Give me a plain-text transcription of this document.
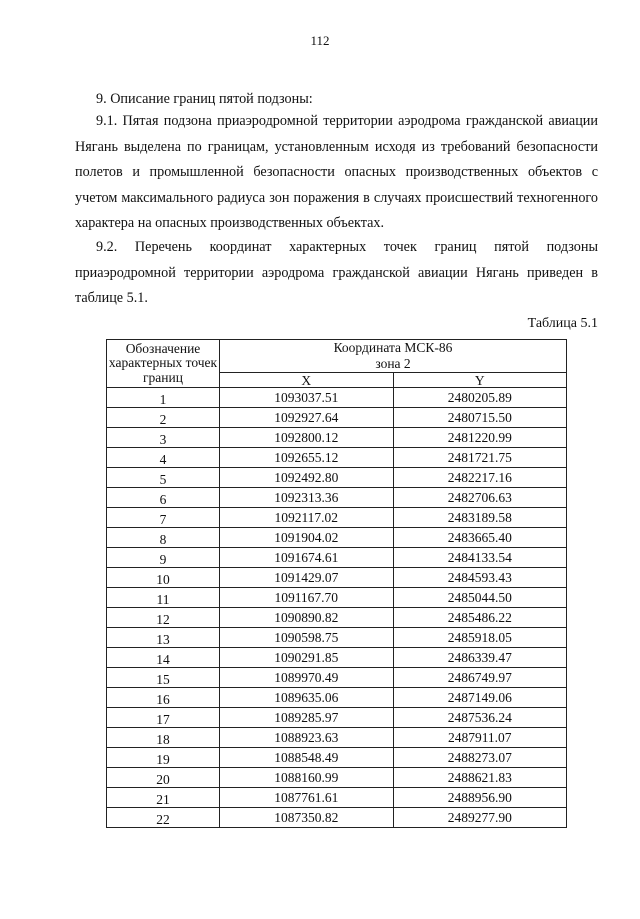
112
9. Описание границ пятой подзоны:
9.1. Пятая подзона приаэродромной территории аэродрома гражданской авиации Нягань выделена по границам, установленным исходя из требований безопасности полетов и промышленной безопасности опасных производственных объектов с учетом максимального радиуса зон поражения в случаях происшествий техногенного характера на опасных производственных объектах.
9.2. Перечень координат характерных точек границ пятой подзоны приаэродромной территории аэродрома гражданской авиации Нягань приведен в таблице 5.1.
Таблица 5.1
Обозначение характерных точек границ	Координата МСК-86 зона 2	

	X	Y
1	1093037.51	2480205.89
2	1092927.64	2480715.50
3	1092800.12	2481220.99
4	1092655.12	2481721.75
5	1092492.80	2482217.16
6	1092313.36	2482706.63
7	1092117.02	2483189.58
8	1091904.02	2483665.40
9	1091674.61	2484133.54
10	1091429.07	2484593.43
11	1091167.70	2485044.50
12	1090890.82	2485486.22
13	1090598.75	2485918.05
14	1090291.85	2486339.47
15	1089970.49	2486749.97
16	1089635.06	2487149.06
17	1089285.97	2487536.24
18	1088923.63	2487911.07
19	1088548.49	2488273.07
20	1088160.99	2488621.83
21	1087761.61	2488956.90
22	1087350.82	2489277.90
